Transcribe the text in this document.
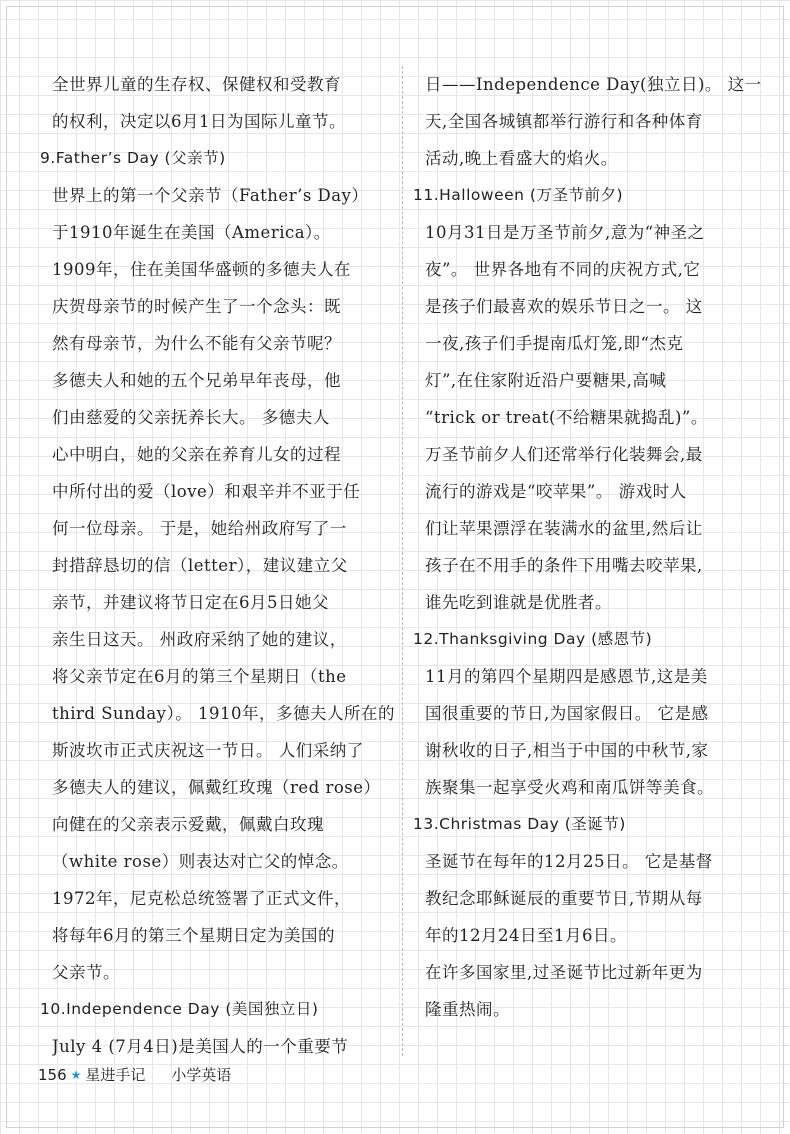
全世界儿童的生存权、保健权和受教育
的权利，决定以6月1日为国际儿童节。
9.Father’s Day (父亲节)
世界上的第一个父亲节（Father’s Day）
于1910年诞生在美国（America）。
1909年，住在美国华盛顿的多德夫人在
庆贺母亲节的时候产生了一个念头：既
然有母亲节，为什么不能有父亲节呢？
多德夫人和她的五个兄弟早年丧母，他
们由慈爱的父亲抚养长大。 多德夫人
心中明白，她的父亲在养育儿女的过程
中所付出的爱（love）和艰辛并不亚于任
何一位母亲。 于是，她给州政府写了一
封措辞恳切的信（letter），建议建立父
亲节，并建议将节日定在6月5日她父
亲生日这天。 州政府采纳了她的建议，
将父亲节定在6月的第三个星期日（the
third Sunday）。 1910年，多德夫人所在的
斯波坎市正式庆祝这一节日。 人们采纳了
多德夫人的建议，佩戴红玫瑰（red rose）
向健在的父亲表示爱戴，佩戴白玫瑰
（white rose）则表达对亡父的悼念。
1972年，尼克松总统签署了正式文件，
将每年6月的第三个星期日定为美国的
父亲节。
10.Independence Day (美国独立日)
July 4 (7月4日)是美国人的一个重要节
日——Independence Day(独立日)。 这一
天,全国各城镇都举行游行和各种体育
活动,晚上看盛大的焰火。
11.Halloween (万圣节前夕)
10月31日是万圣节前夕,意为“神圣之
夜”。 世界各地有不同的庆祝方式,它
是孩子们最喜欢的娱乐节日之一。 这
一夜,孩子们手提南瓜灯笼,即“杰克
灯”,在住家附近沿户要糖果,高喊
“trick or treat(不给糖果就捣乱)”。
万圣节前夕人们还常举行化装舞会,最
流行的游戏是“咬苹果”。 游戏时人
们让苹果漂浮在装满水的盆里,然后让
孩子在不用手的条件下用嘴去咬苹果,
谁先吃到谁就是优胜者。
12.Thanksgiving Day (感恩节)
11月的第四个星期四是感恩节,这是美
国很重要的节日,为国家假日。 它是感
谢秋收的日子,相当于中国的中秋节,家
族聚集一起享受火鸡和南瓜饼等美食。
13.Christmas Day (圣诞节)
圣诞节在每年的12月25日。 它是基督
教纪念耶稣诞辰的重要节日,节期从每
年的12月24日至1月6日。
在许多国家里,过圣诞节比过新年更为
隆重热闹。
156 ★ 星进手记 小学英语
